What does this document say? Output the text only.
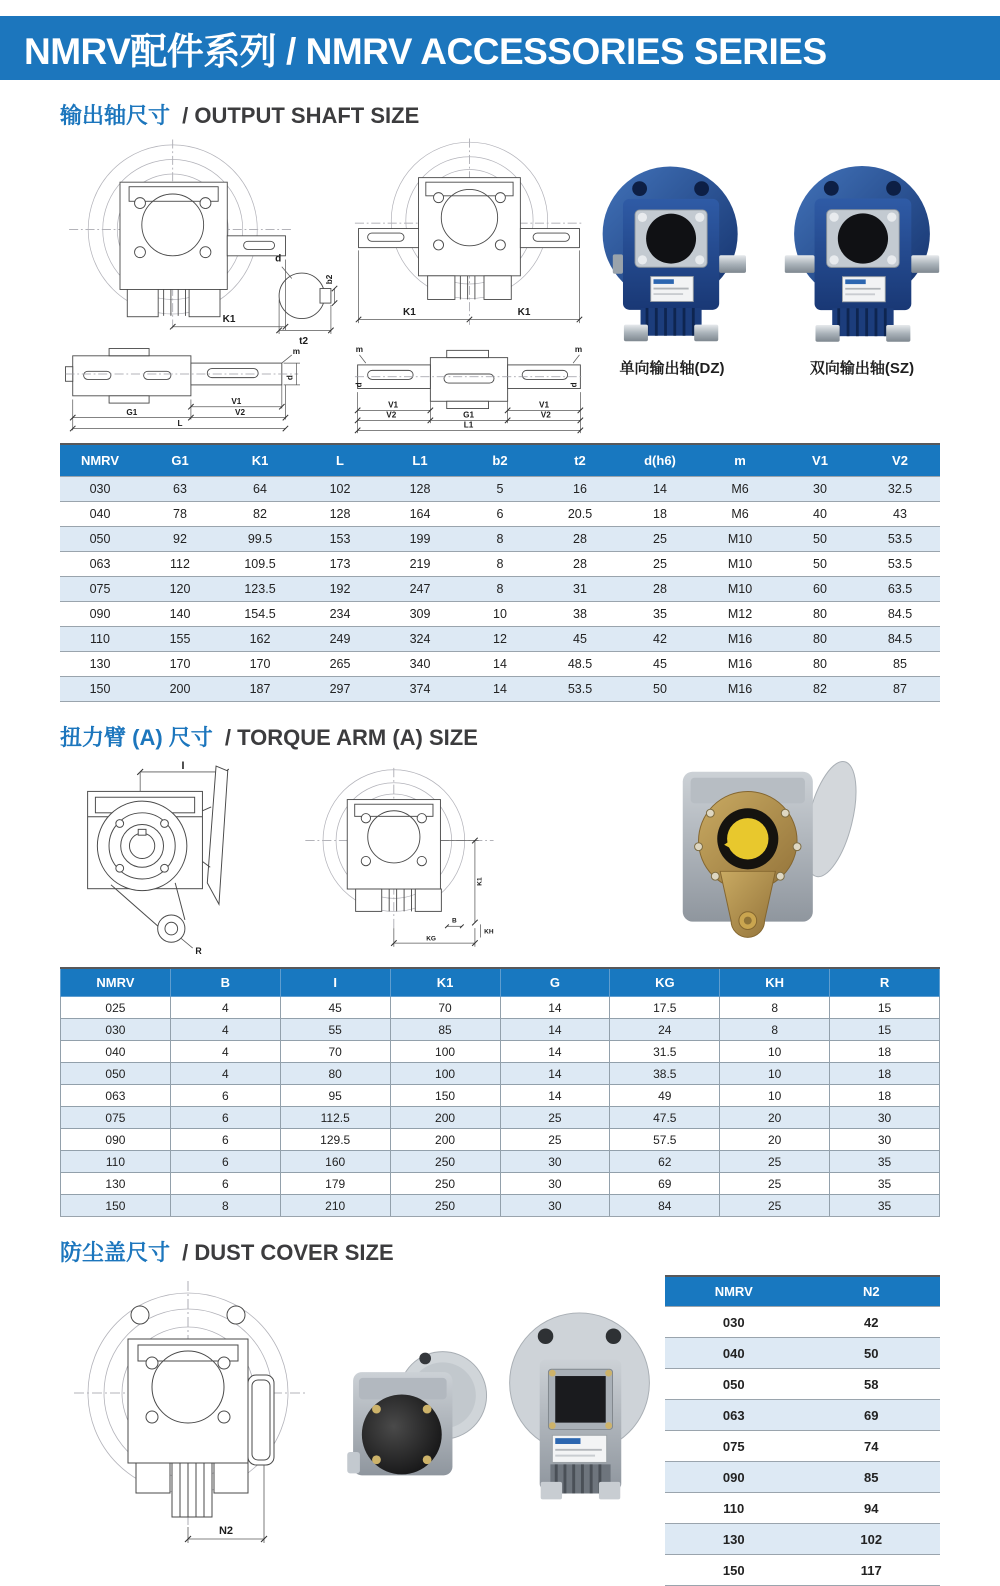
NMRV配件系列 / NMRV ACCESSORIES SERIES
输出轴尺寸 / OUTPUT SHAFT SIZE
K1
d
b2
t2
m
d
V1
G1	V2
L
K1	K1
m	m
d	d
V1	V1
V2	G1	V2
L1
单向输出轴(DZ)	双向输出轴(SZ)
NMRV	G1	K1	L	L1	b2	t2	d(h6)	m	V1	V2
030	63	64	102	128	5	16	14	M6	30	32.5
040	78	82	128	164	6	20.5	18	M6	40	43
050	92	99.5	153	199	8	28	25	M10	50	53.5
063	112	109.5	173	219	8	28	25	M10	50	53.5
075	120	123.5	192	247	8	31	28	M10	60	63.5
090	140	154.5	234	309	10	38	35	M12	80	84.5
110	155	162	249	324	12	45	42	M16	80	84.5
130	170	170	265	340	14	48.5	45	M16	80	85
150	200	187	297	374	14	53.5	50	M16	82	87
扭力臂 (A) 尺寸 / TORQUE ARM (A) SIZE
I
R
K1
B
KG
KH
NMRV	B	I	K1	G	KG	KH	R
025	4	45	70	14	17.5	8	15
030	4	55	85	14	24	8	15
040	4	70	100	14	31.5	10	18
050	4	80	100	14	38.5	10	18
063	6	95	150	14	49	10	18
075	6	112.5	200	25	47.5	20	30
090	6	129.5	200	25	57.5	20	30
110	6	160	250	30	62	25	35
130	6	179	250	30	69	25	35
150	8	210	250	30	84	25	35
防尘盖尺寸 / DUST COVER SIZE
N2
NMRV	N2
030	42
040	50
050	58
063	69
075	74
090	85
110	94
130	102
150	117
